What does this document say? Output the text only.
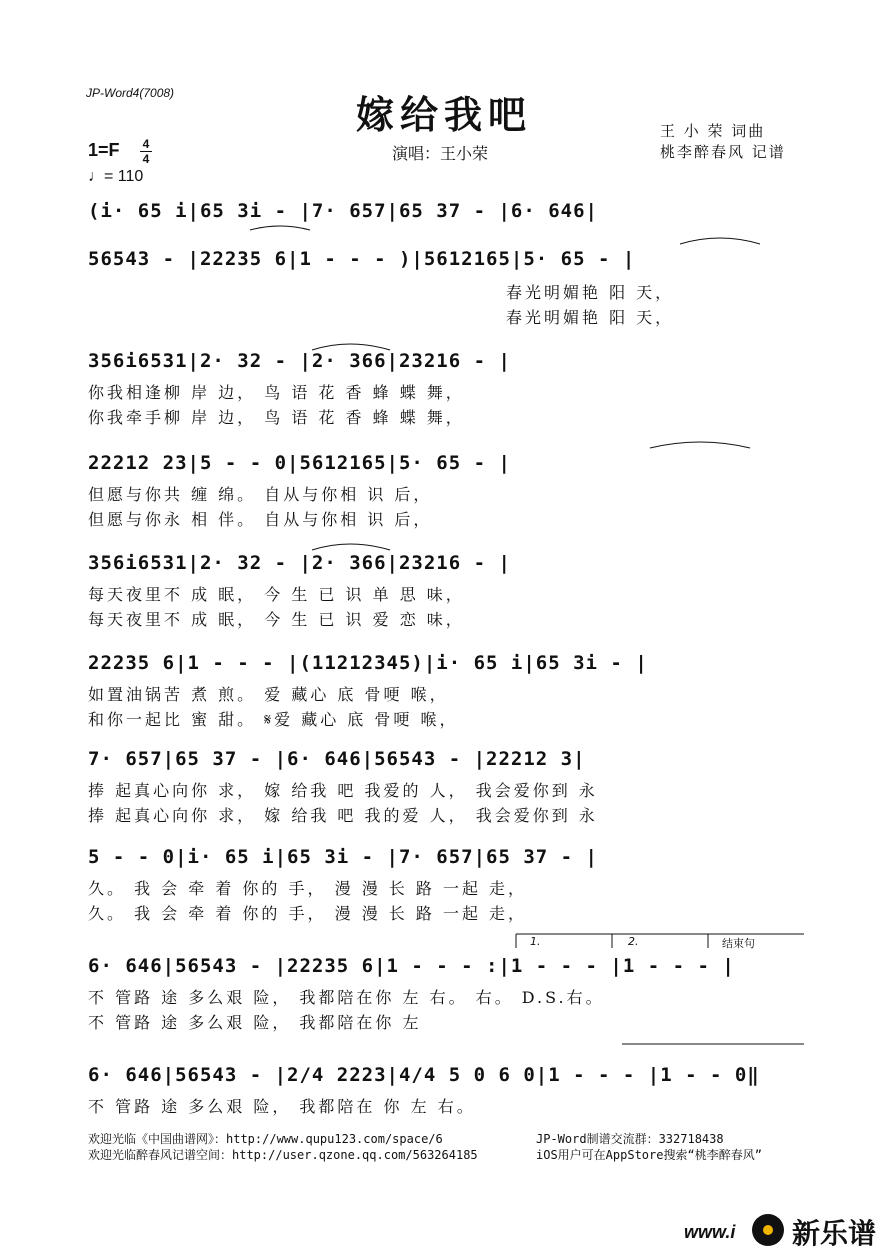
JP-Word4(7008)	嫁给我吧
演唱：王小荣
王 小 荣 词曲
桃李醉春风 记谱
1=F 4
4
♩= 110
(i· 65 i|65 3i - |7· 657|65 37 - |6· 646|
56543 - |22235 6|1 - - - )|5612165|5· 65 - |
春光明媚艳 阳 天，
春光明媚艳 阳 天，
356i6531|2· 32 - |2· 366|23216 - |
你我相逢柳 岸 边， 鸟 语 花 香 蜂 蝶 舞，
你我牵手柳 岸 边， 鸟 语 花 香 蜂 蝶 舞，
22212 23|5 - - 0|5612165|5· 65 - |
但愿与你共 缠 绵。 自从与你相 识 后，
但愿与你永 相 伴。 自从与你相 识 后，
356i6531|2· 32 - |2· 366|23216 - |
每天夜里不 成 眠， 今 生 已 识 单 思 味，
每天夜里不 成 眠， 今 生 已 识 爱 恋 味，
22235 6|1 - - - |(11212345)|i· 65 i|65 3i - |
如置油锅苦 煮 煎。 爱 藏心 底 骨哽 喉，
和你一起比 蜜 甜。 𝄋爱 藏心 底 骨哽 喉，
7· 657|65 37 - |6· 646|56543 - |22212 3|
捧 起真心向你 求， 嫁 给我 吧 我爱的 人， 我会爱你到 永
捧 起真心向你 求， 嫁 给我 吧 我的爱 人， 我会爱你到 永
5 - - 0|i· 65 i|65 3i - |7· 657|65 37 - |
久。 我 会 牵 着 你的 手， 漫 漫 长 路 一起 走，
久。 我 会 牵 着 你的 手， 漫 漫 长 路 一起 走，
1.	2.	结束句
6· 646|56543 - |22235 6|1 - - - :|1 - - - |1 - - - |
不 管路 途 多么艰 险， 我都陪在你 左 右。 右。 D.S.右。
不 管路 途 多么艰 险， 我都陪在你 左
6· 646|56543 - |2/4 2223|4/4 5 0 6 0|1 - - - |1 - - 0‖
不 管路 途 多么艰 险， 我都陪在 你 左 右。
欢迎光临《中国曲谱网》：http://www.qupu123.com/space/6
欢迎光临醉春风记谱空间：http://user.qzone.qq.com/563264185
JP-Word制谱交流群：332718438
iOS用户可在AppStore搜索“桃李醉春风”
www.i 新乐谱
